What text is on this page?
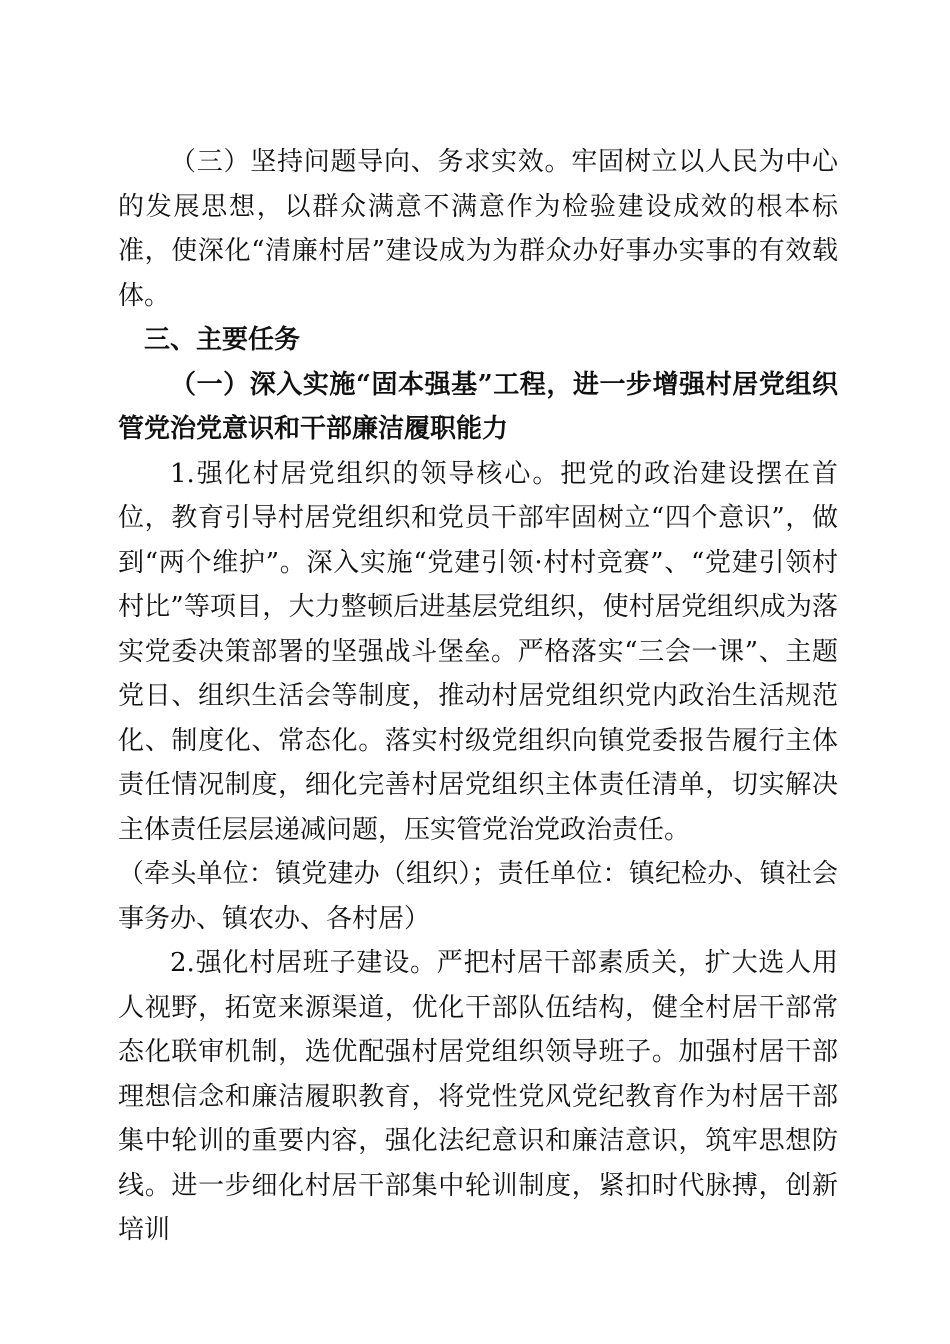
（三）坚持问题导向、务求实效。牢固树立以人民为中心的发展思想，以群众满意不满意作为检验建设成效的根本标准，使深化“清廉村居”建设成为为群众办好事办实事的有效载体。

三、主要任务

（一）深入实施“固本强基”工程，进一步增强村居党组织管党治党意识和干部廉洁履职能力

1.强化村居党组织的领导核心。把党的政治建设摆在首位，教育引导村居党组织和党员干部牢固树立“四个意识”，做到“两个维护”。深入实施“党建引领·村村竞赛”、“党建引领村村比”等项目，大力整顿后进基层党组织，使村居党组织成为落实党委决策部署的坚强战斗堡垒。严格落实“三会一课”、主题党日、组织生活会等制度，推动村居党组织党内政治生活规范化、制度化、常态化。落实村级党组织向镇党委报告履行主体责任情况制度，细化完善村居党组织主体责任清单，切实解决主体责任层层递减问题，压实管党治党政治责任。

（牵头单位：镇党建办（组织）；责任单位：镇纪检办、镇社会事务办、镇农办、各村居）

2.强化村居班子建设。严把村居干部素质关，扩大选人用人视野，拓宽来源渠道，优化干部队伍结构，健全村居干部常态化联审机制，选优配强村居党组织领导班子。加强村居干部理想信念和廉洁履职教育，将党性党风党纪教育作为村居干部集中轮训的重要内容，强化法纪意识和廉洁意识，筑牢思想防线。进一步细化村居干部集中轮训制度，紧扣时代脉搏，创新培训
